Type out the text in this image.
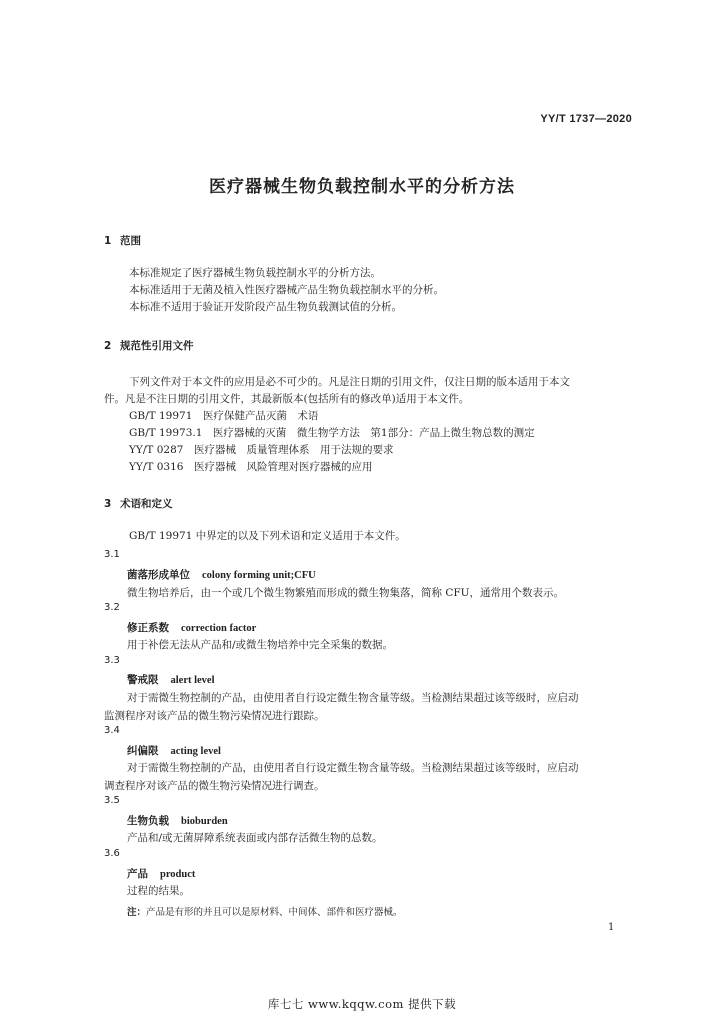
YY/T 1737—2020
医疗器械生物负载控制水平的分析方法
1 范围

本标准规定了医疗器械生物负载控制水平的分析方法。

本标准适用于无菌及植入性医疗器械产品生物负载控制水平的分析。

本标准不适用于验证开发阶段产品生物负载测试值的分析。

2 规范性引用文件

下列文件对于本文件的应用是必不可少的。凡是注日期的引用文件，仅注日期的版本适用于本文

件。凡是不注日期的引用文件，其最新版本(包括所有的修改单)适用于本文件。

GB/T 19971　医疗保健产品灭菌　术语

GB/T 19973.1　医疗器械的灭菌　微生物学方法　第1部分：产品上微生物总数的测定

YY/T 0287　医疗器械　质量管理体系　用于法规的要求

YY/T 0316　医疗器械　风险管理对医疗器械的应用

3 术语和定义

GB/T 19971 中界定的以及下列术语和定义适用于本文件。

3.1
菌落形成单位 colony forming unit;CFU
微生物培养后，由一个或几个微生物繁殖而形成的微生物集落，简称 CFU，通常用个数表示。
3.2
修正系数 correction factor
用于补偿无法从产品和/或微生物培养中完全采集的数据。
3.3
警戒限 alert level
对于需微生物控制的产品，由使用者自行设定微生物含量等级。当检测结果超过该等级时，应启动
监测程序对该产品的微生物污染情况进行跟踪。
3.4
纠偏限 acting level
对于需微生物控制的产品，由使用者自行设定微生物含量等级。当检测结果超过该等级时，应启动
调查程序对该产品的微生物污染情况进行调查。
3.5
生物负载 bioburden
产品和/或无菌屏障系统表面或内部存活微生物的总数。
3.6
产品 product
过程的结果。
注：产品是有形的并且可以是原材料、中间体、部件和医疗器械。
1
库七七 www.kqqw.com 提供下载
